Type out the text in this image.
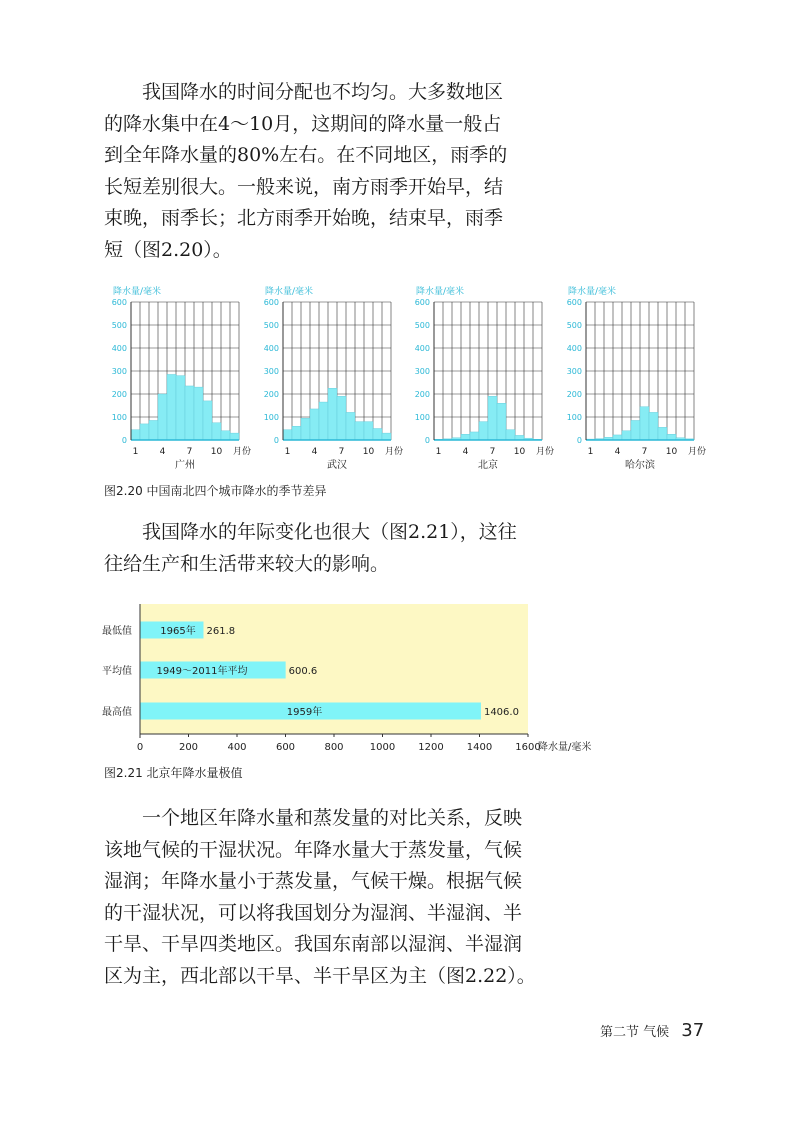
　　我国降水的时间分配也不均匀。大多数地区
的降水集中在4～10月，这期间的降水量一般占
到全年降水量的80%左右。在不同地区，雨季的
长短差别很大。一般来说，南方雨季开始早，结
束晚，雨季长；北方雨季开始晚，结束早，雨季
短（图2.20）。

降水量/毫米
0
100
200
300
400
500
600
1 4 7 10 月份
广州
降水量/毫米
0
100
200
300
400
500
600
1 4 7 10 月份
武汉
降水量/毫米
0
100
200
300
400
500
600
1 4 7 10 月份
北京
降水量/毫米
0
100
200
300
400
500
600
1 4 7 10 月份
哈尔滨
图2.20 中国南北四个城市降水的季节差异

　　我国降水的年际变化也很大（图2.21），这往
往给生产和生活带来较大的影响。

最低值	1965年 261.8
平均值 1949～2011年平均	600.6
最高值	1959年	1406.0
0	200	400	600	800	1000 1200 1400 1600
降水量/毫米
图2.21 北京年降水量极值

　　一个地区年降水量和蒸发量的对比关系，反映
该地气候的干湿状况。年降水量大于蒸发量，气候
湿润；年降水量小于蒸发量，气候干燥。根据气候
的干湿状况，可以将我国划分为湿润、半湿润、半
干旱、干旱四类地区。我国东南部以湿润、半湿润
区为主，西北部以干旱、半干旱区为主（图2.22）。

第二节 气候 37
